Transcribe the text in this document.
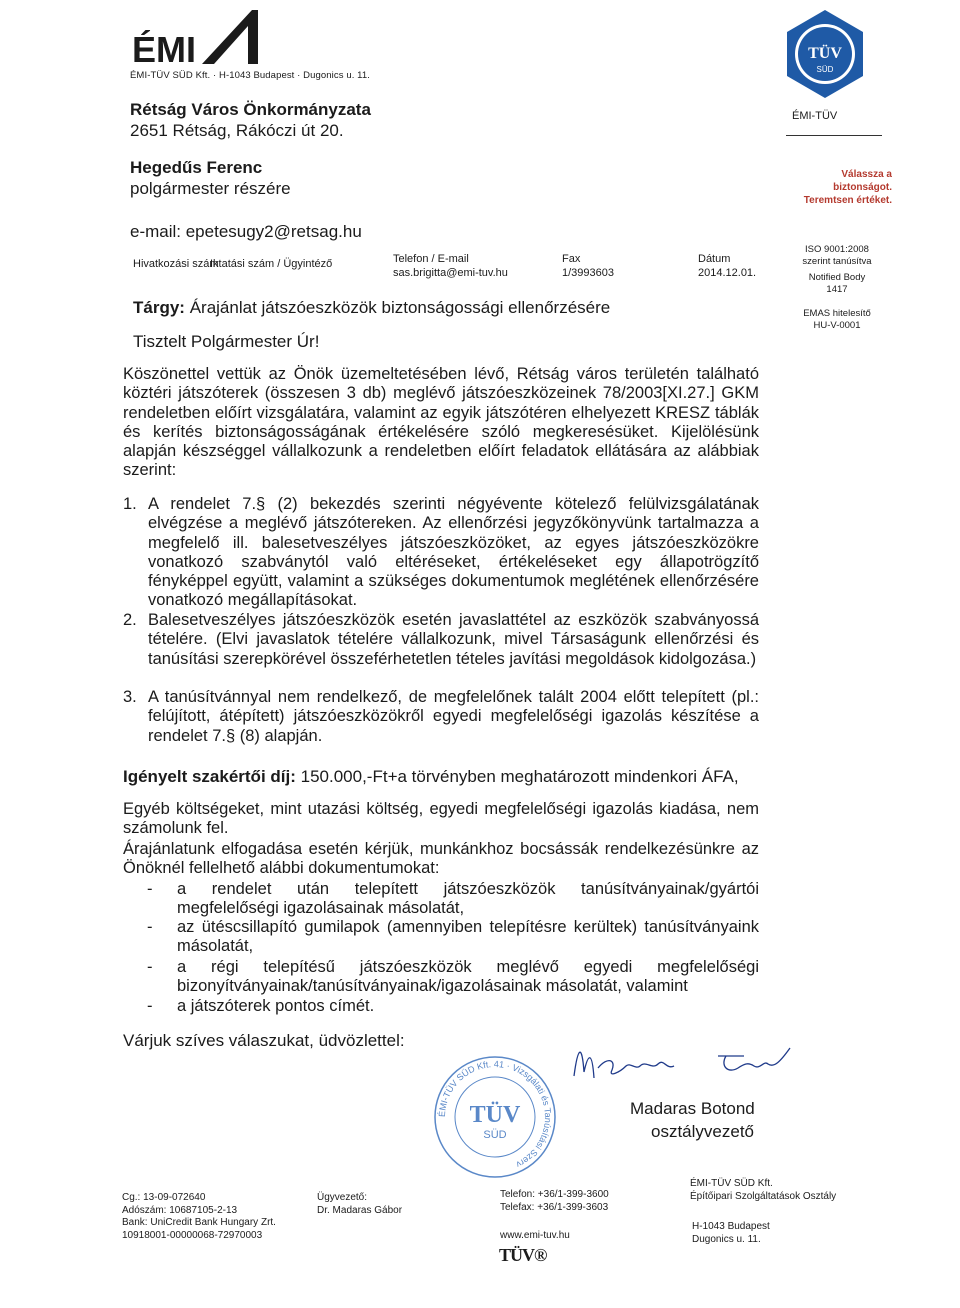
ÉMI
ÉMI-TÜV SÜD Kft. · H-1043 Budapest · Dugonics u. 11.
Rétság Város Önkormányzata
2651 Rétság, Rákóczi út 20.
Hegedűs Ferenc
polgármester részére
e-mail: epetesugy2@retsag.hu
Hivatkozási szám
Iktatási szám / Ügyintéző	Telefon / E-mail
sas.brigitta@emi-tuv.hu
Fax
1/3993603
Dátum
2014.12.01.
Tárgy: Árajánlat játszóeszközök biztonságossági ellenőrzésére
Tisztelt Polgármester Úr!
Köszönettel vettük az Önök üzemeltetésében lévő, Rétság város területén található köztéri játszóterek (összesen 3 db) meglévő játszóeszközeinek 78/2003[XI.27.] GKM rendeletben előírt vizsgálatára, valamint az egyik játszótéren elhelyezett KRESZ táblák és kerítés biztonságosságának értékelésére szóló megkeresésüket. Kijelölésünk alapján készséggel vállalkozunk a rendeletben előírt feladatok ellátására az alábbiak szerint:
1. A rendelet 7.§ (2) bekezdés szerinti négyévente kötelező felülvizsgálatának elvégzése a meglévő játszótereken. Az ellenőrzési jegyzőkönyvünk tartalmazza a megfelelő ill. balesetveszélyes játszóeszközöket, az egyes játszóeszközökre vonatkozó szabványtól való eltéréseket, értékeléseket egy állapotrögzítő fényképpel együtt, valamint a szükséges dokumentumok meglétének ellenőrzésére vonatkozó megállapításokat.
2. Balesetveszélyes játszóeszközök esetén javaslattétel az eszközök szabványossá tételére. (Elvi javaslatok tételére vállalkozunk, mivel Társaságunk ellenőrzési és tanúsítási szerepkörével összeférhetetlen tételes javítási megoldások kidolgozása.)
3. A tanúsítvánnyal nem rendelkező, de megfelelőnek talált 2004 előtt telepített (pl.: felújított, átépített) játszóeszközökről egyedi megfelelőségi igazolás készítése a rendelet 7.§ (8) alapján.
Igényelt szakértői díj: 150.000,-Ft+a törvényben meghatározott mindenkori ÁFA,
Egyéb költségeket, mint utazási költség, egyedi megfelelőségi igazolás kiadása, nem számolunk fel.
Árajánlatunk elfogadása esetén kérjük, munkánkhoz bocsássák rendelkezésünkre az Önöknél fellelhető alábbi dokumentumokat:
- a rendelet után telepített játszóeszközök tanúsítványainak/gyártói megfelelőségi igazolásainak másolatát,
- az ütéscsillapító gumilapok (amennyiben telepítésre kerültek) tanúsítványaink másolatát,
- a régi telepítésű játszóeszközök meglévő egyedi megfelelőségi bizonyítványainak/tanúsítványainak/igazolásainak másolatát, valamint
- a játszóterek pontos címét.
Várjuk szíves válaszukat, üdvözlettel:
ÉMI-TÜV SÜD Kft. 41 · Vizsgálati és Tanúsítási Szerv
TÜV
SÜD
Madaras Botond
osztályvezető
TÜV
SÜD
ÉMI-TÜV
Válassza a biztonságot.
Teremtsen értéket.
ISO 9001:2008
szerint tanúsítva
Notified Body
1417
EMAS hitelesítő
HU-V-0001
Cg.: 13-09-072640
Adószám: 10687105-2-13
Bank: UniCredit Bank Hungary Zrt.
10918001-00000068-72970003
Ügyvezető:
Dr. Madaras Gábor
Telefon: +36/1-399-3600
Telefax: +36/1-399-3603
www.emi-tuv.hu
TÜV®
ÉMI-TÜV SÜD Kft.
Építőipari Szolgáltatások Osztály
H-1043 Budapest
Dugonics u. 11.
